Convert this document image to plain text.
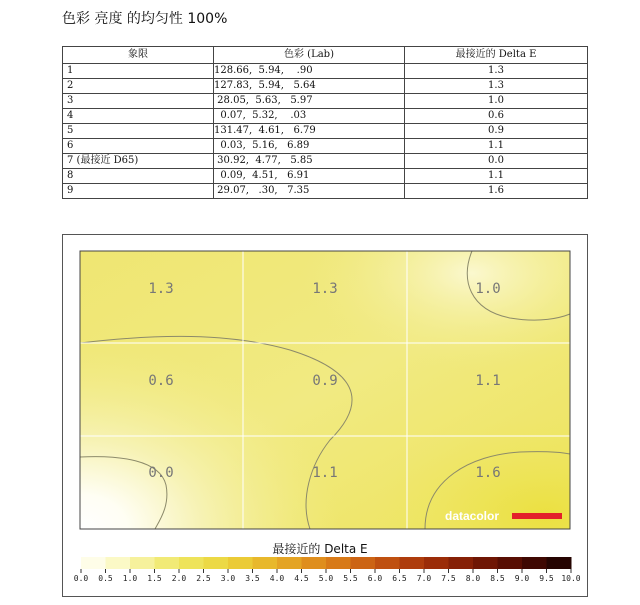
色彩 亮度 的均匀性 100%
象限	色彩 (Lab)	最接近的 Delta E
1	128.66,  5.94,    .90	1.3
2	127.83,  5.94,   5.64	1.3
3	28.05,  5.63,   5.97	1.0
4	0.07,  5.32,    .03	0.6
5	131.47,  4.61,   6.79	0.9
6	0.03,  5.16,   6.89	1.1
7 (最接近 D65)	30.92,  4.77,   5.85	0.0
8	0.09,  4.51,   6.91	1.1
9	29.07,   .30,   7.35	1.6
1.3	1.3	1.0
0.6	0.9	1.1
0.0	1.1	1.6
datacolor
0.0 0.5 1.0 1.5 2.0 2.5 3.0 3.5 4.0 4.5 5.0 5.5 6.0 6.5 7.0 7.5 8.0 8.5 9.0 9.5 10.0
最接近的 Delta E
